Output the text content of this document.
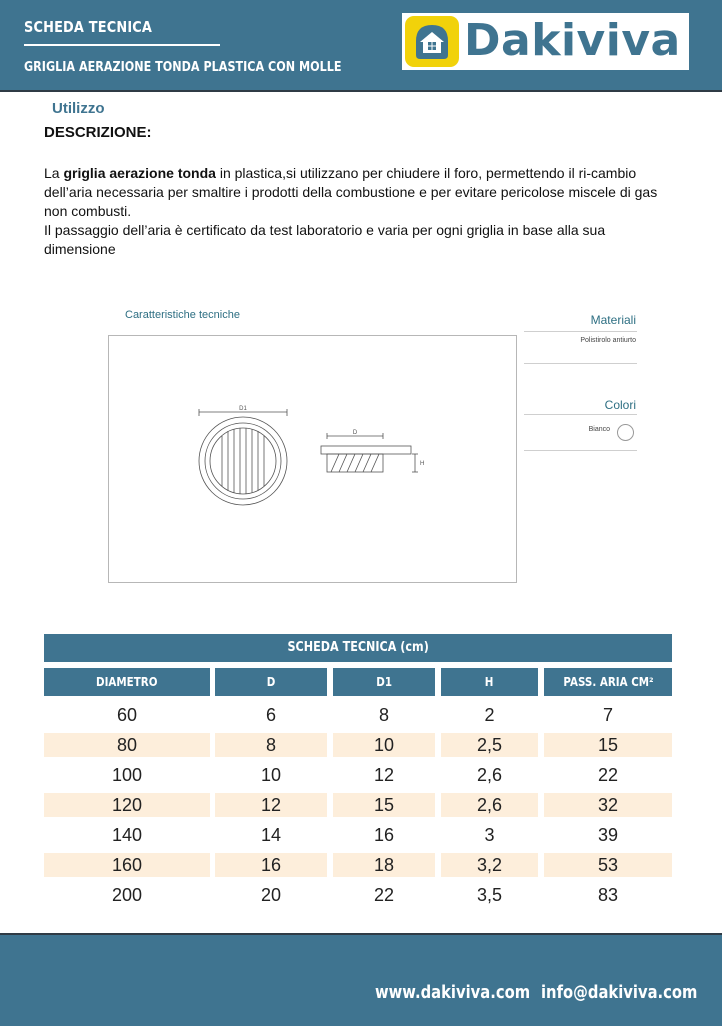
SCHEDA TECNICA
GRIGLIA AERAZIONE TONDA PLASTICA CON MOLLE
Dakiviva
Utilizzo
DESCRIZIONE:

La griglia aerazione tonda in plastica,si utilizzano per chiudere il foro, permettendo il ri-cambio dell’aria necessaria per smaltire i prodotti della combustione e per evitare pericolose miscele di gas non combusti.

Il passaggio dell’aria è certificato da test laboratorio e varia per ogni griglia in base alla sua dimensione

Caratteristiche tecniche
D1
D
H
Materiali
Polistirolo antiurto
Colori
Bianco
SCHEDA TECNICA (cm)
DIAMETRO	D	D1	H	PASS. ARIA CM²
60	6	8	2	7
80	8	10	2,5	15
100	10	12	2,6	22
120	12	15	2,6	32
140	14	16	3	39
160	16	18	3,2	53
200	20	22	3,5	83
www.dakiviva.com info@dakiviva.com
